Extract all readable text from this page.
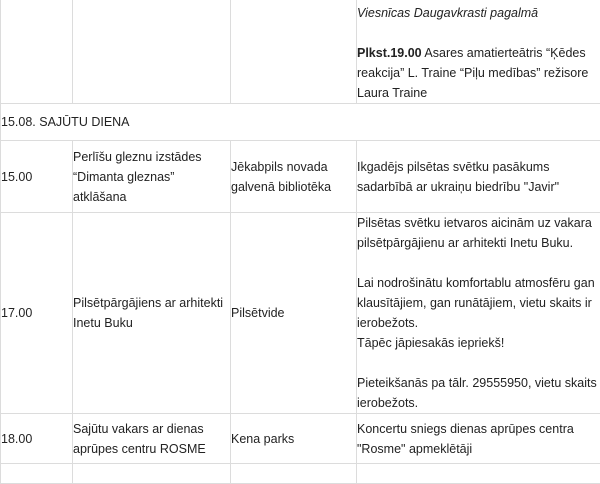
			Viesnīcas Daugavkrasti pagalmā
Plkst.19.00 Asares amatierteātris “Ķēdes reakcija” L. Traine “Piļu medības” režisore Laura Traine

15.08. SAJŪTU DIENA			
15.00	Perlīšu gleznu izstādes “Dimanta gleznas” atklāšana	Jēkabpils novada galvenā bibliotēka	Ikgadējs pilsētas svētku pasākums sadarbībā ar ukraiņu biedrību "Javir"
17.00	Pilsētpārgājiens ar arhitekti Inetu Buku	Pilsētvide	Pilsētas svētku ietvaros aicinām uz vakara pilsētpārgājienu ar arhitekti Inetu Buku.
Lai nodrošinātu komfortablu atmosfēru gan klausītājiem, gan runātājiem, vietu skaits ir ierobežots.
Tāpēc jāpiesakās iepriekš!
Pieteikšanās pa tālr. 29555950, vietu skaits ierobežots.

18.00	Sajūtu vakars ar dienas aprūpes centru ROSME	Kena parks	Koncertu sniegs dienas aprūpes centra "Rosme" apmeklētāji
